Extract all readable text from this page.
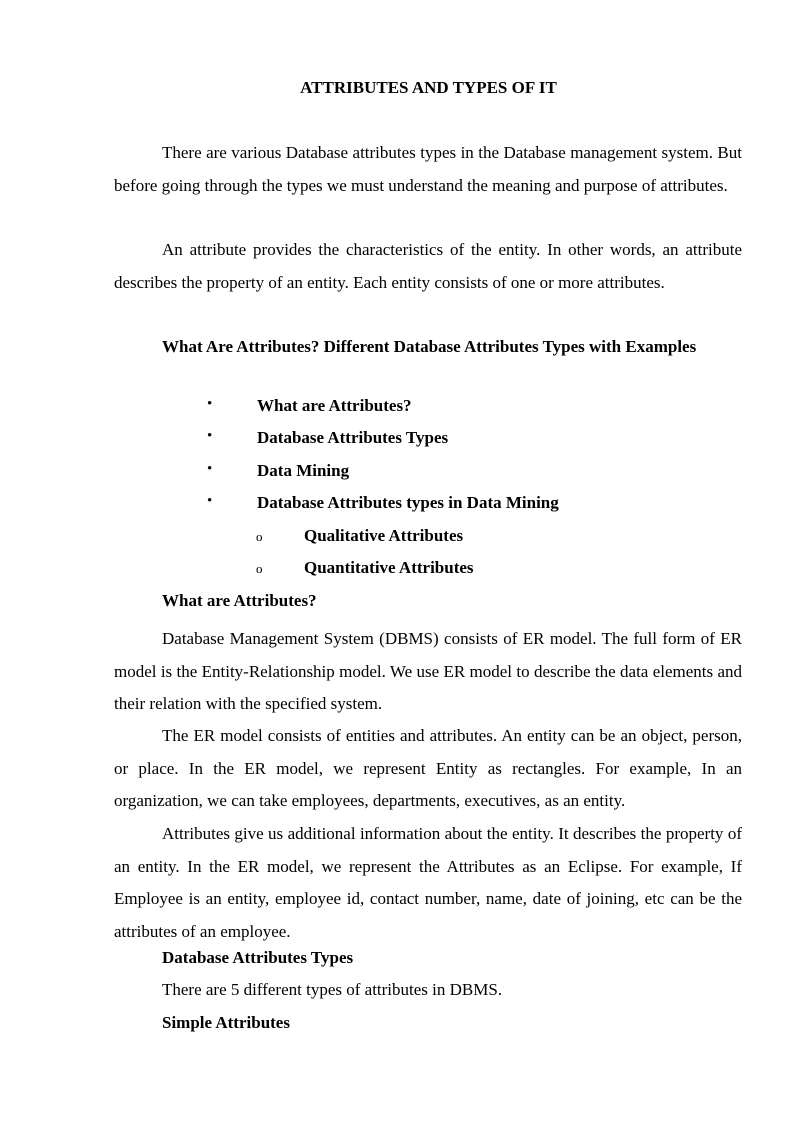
ATTRIBUTES AND TYPES OF IT

There are various Database attributes types in the Database management system. But before going through the types we must understand the meaning and purpose of attributes.

An attribute provides the characteristics of the entity. In other words, an attribute describes the property of an entity. Each entity consists of one or more attributes.

What Are Attributes? Different Database Attributes Types with Examples

•	What are Attributes?
•	Database Attributes Types
•	Data Mining
•	Database Attributes types in Data Mining
o Qualitative Attributes
o Quantitative Attributes

What are Attributes?

Database Management System (DBMS) consists of ER model. The full form of ER model is the Entity-Relationship model. We use ER model to describe the data elements and their relation with the specified system.

The ER model consists of entities and attributes. An entity can be an object, person, or place. In the ER model, we represent Entity as rectangles. For example, In an organization, we can take employees, departments, executives, as an entity.

Attributes give us additional information about the entity. It describes the property of an entity. In the ER model, we represent the Attributes as an Eclipse. For example, If Employee is an entity, employee id, contact number, name, date of joining, etc can be the attributes of an employee.

Database Attributes Types

There are 5 different types of attributes in DBMS.

Simple Attributes
